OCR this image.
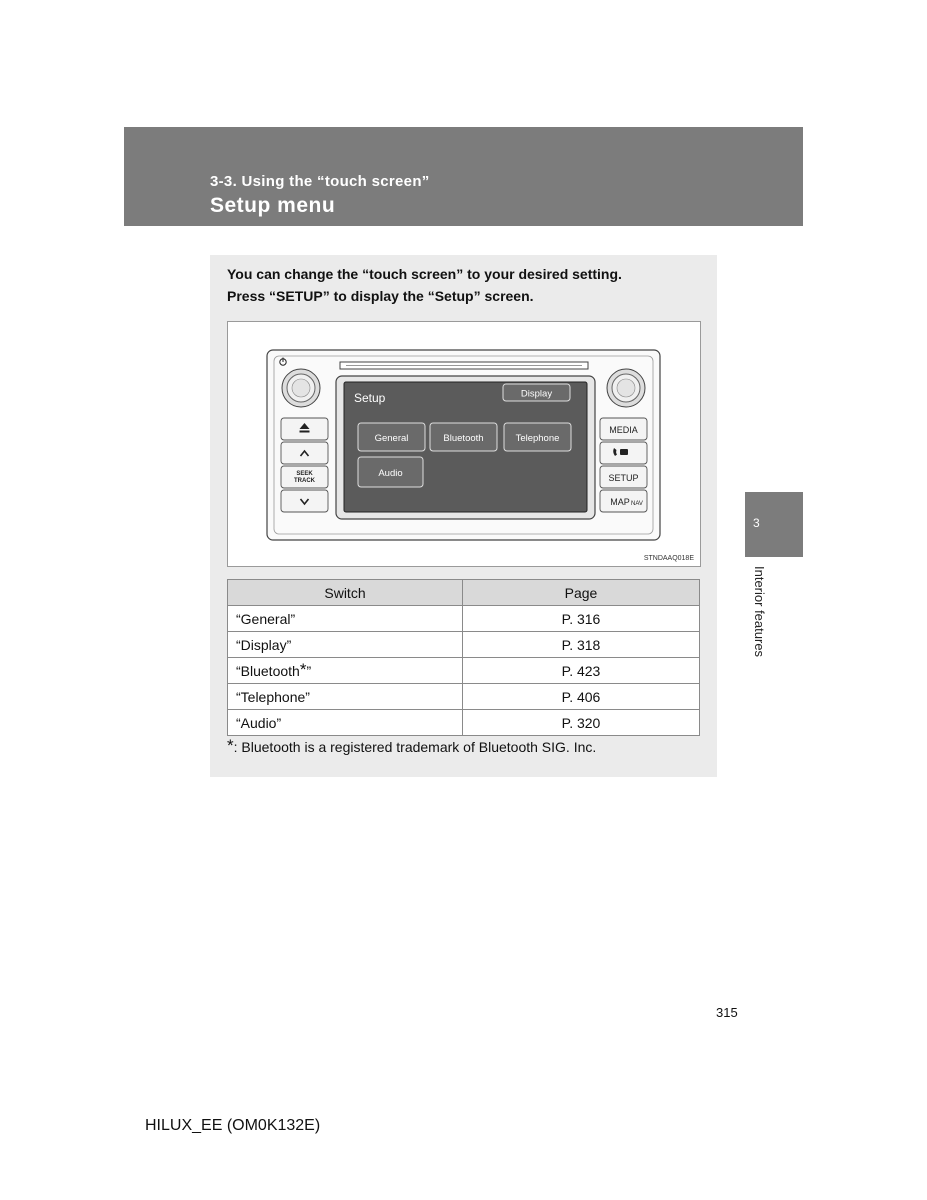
3-3. Using the “touch screen”
Setup menu
You can change the “touch screen” to your desired setting.
Press “SETUP” to display the “Setup” screen.
Setup	Display
General	Bluetooth	Telephone
Audio
SEEK
TRACK
MEDIA
SETUP
MAP NAV
STNDAAQ018E
Switch	Page
“General”	P. 316
“Display”	P. 318
“Bluetooth*”	P. 423
“Telephone”	P. 406
“Audio”	P. 320
*: Bluetooth is a registered trademark of Bluetooth SIG. Inc.
3
Interior features
315
HILUX_EE (OM0K132E)
